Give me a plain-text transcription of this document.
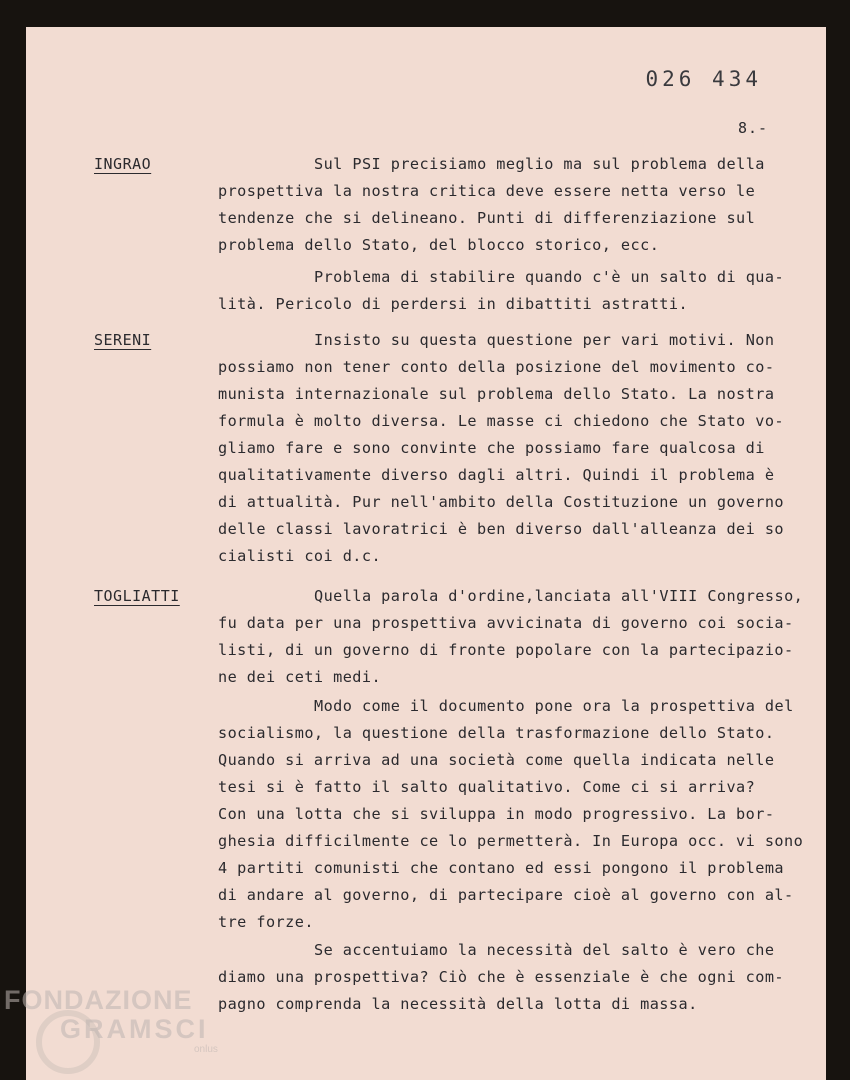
026 434
8.-
INGRAO	Sul PSI precisiamo meglio ma sul problema della
prospettiva la nostra critica deve essere netta verso le
tendenze che si delineano. Punti di differenziazione sul
problema dello Stato, del blocco storico, ecc.
Problema di stabilire quando c'è un salto di qua-
lità. Pericolo di perdersi in dibattiti astratti.
SERENI	Insisto su questa questione per vari motivi. Non
possiamo non tener conto della posizione del movimento co-
munista internazionale sul problema dello Stato. La nostra
formula è molto diversa. Le masse ci chiedono che Stato vo-
gliamo fare e sono convinte che possiamo fare qualcosa di
qualitativamente diverso dagli altri. Quindi il problema è
di attualità. Pur nell'ambito della Costituzione un governo
delle classi lavoratrici è ben diverso dall'alleanza dei so
cialisti coi d.c.
TOGLIATTI	Quella parola d'ordine,lanciata all'VIII Congresso,
fu data per una prospettiva avvicinata di governo coi socia-
listi, di un governo di fronte popolare con la partecipazio-
ne dei ceti medi.
Modo come il documento pone ora la prospettiva del
socialismo, la questione della trasformazione dello Stato.
Quando si arriva ad una società come quella indicata nelle
tesi si è fatto il salto qualitativo. Come ci si arriva?
Con una lotta che si sviluppa in modo progressivo. La bor-
ghesia difficilmente ce lo permetterà. In Europa occ. vi sono
4 partiti comunisti che contano ed essi pongono il problema
di andare al governo, di partecipare cioè al governo con al-
tre forze.
Se accentuiamo la necessità del salto è vero che
diamo una prospettiva? Ciò che è essenziale è che ogni com-
pagno comprenda la necessità della lotta di massa.
FONDAZIONE
GRAMSCI
onlus
